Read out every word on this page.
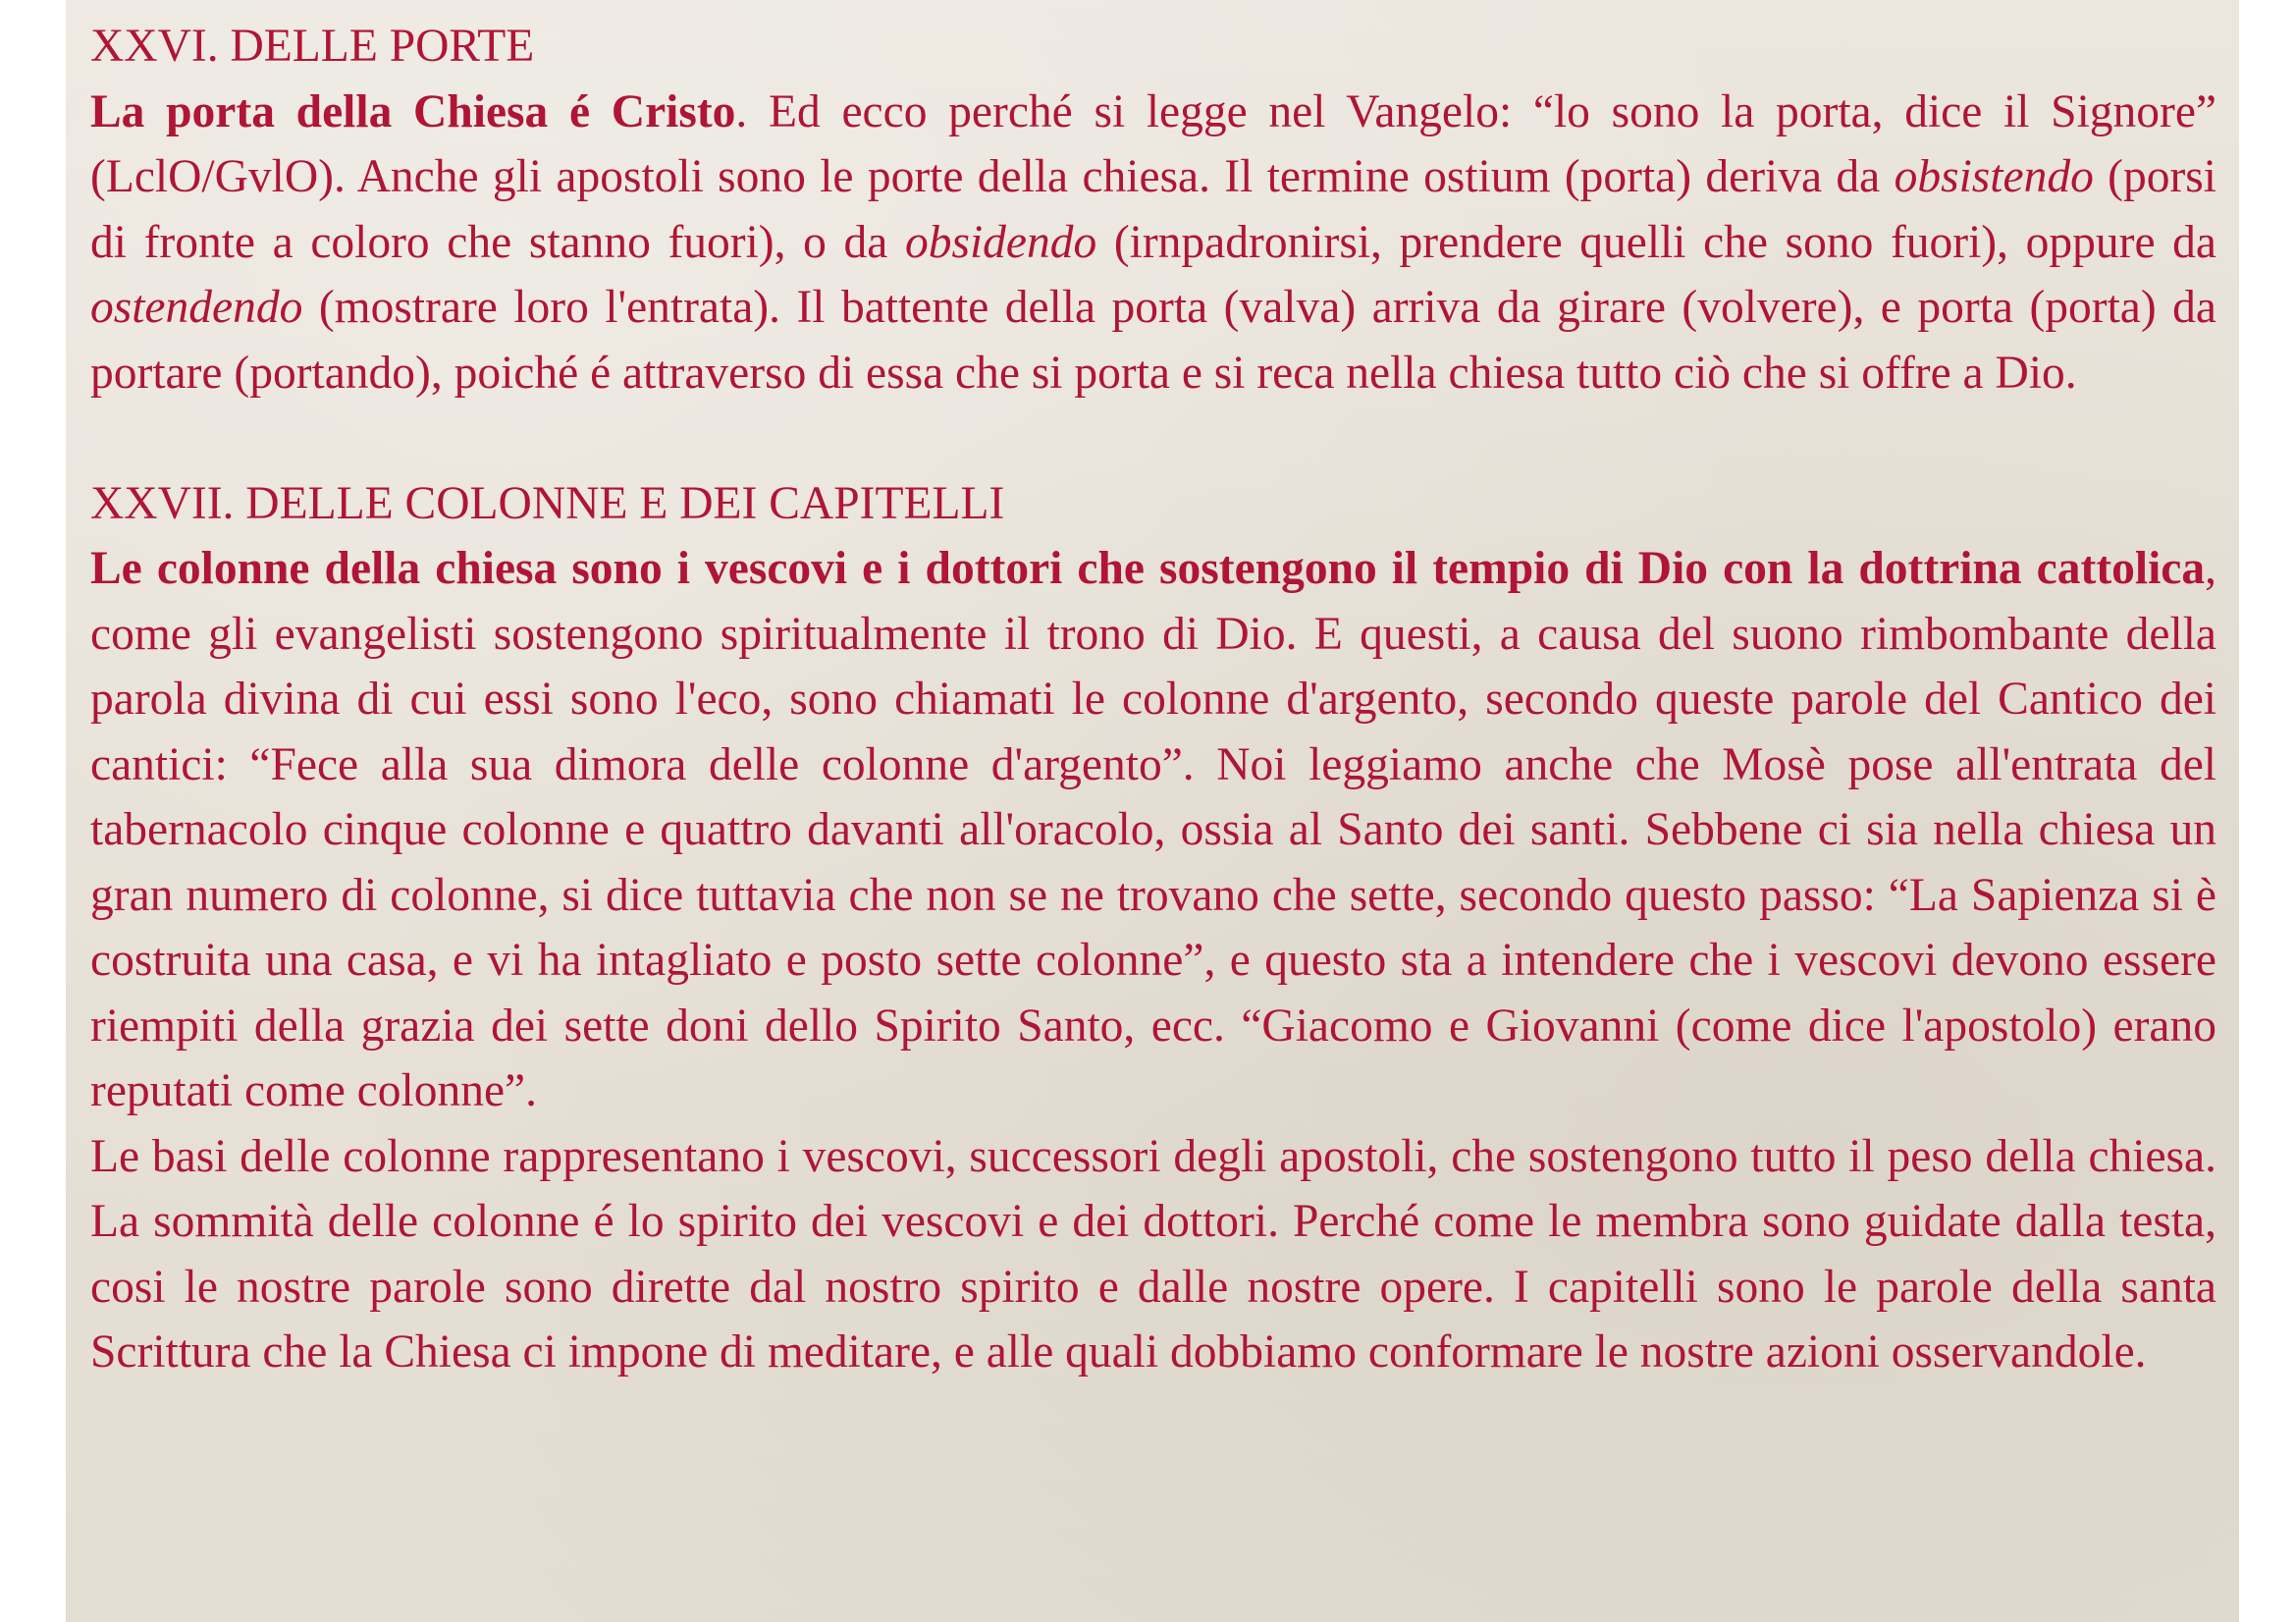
XXVI. DELLE PORTE

La porta della Chiesa é Cristo. Ed ecco perché si legge nel Vangelo: “lo sono la porta, dice il Signore” (LclO/GvlO). Anche gli apostoli sono le porte della chiesa. Il termine ostium (porta) deriva da obsistendo (porsi di fronte a coloro che stanno fuori), o da obsidendo (irnpadronirsi, prendere quelli che sono fuori), oppure da ostendendo (mostrare loro l'entrata). Il battente della porta (valva) arriva da girare (volvere), e porta (porta) da portare (portando), poiché é attraverso di essa che si porta e si reca nella chiesa tutto ciò che si offre a Dio.

XXVII. DELLE COLONNE E DEI CAPITELLI

Le colonne della chiesa sono i vescovi e i dottori che sostengono il tempio di Dio con la dottrina cattolica, come gli evangelisti sostengono spiritualmente il trono di Dio. E questi, a causa del suono rimbombante della parola divina di cui essi sono l'eco, sono chiamati le colonne d'argento, secondo queste parole del Cantico dei cantici: “Fece alla sua dimora delle colonne d'argento”. Noi leggiamo anche che Mosè pose all'entrata del tabernacolo cinque colonne e quattro davanti all'oracolo, ossia al Santo dei santi. Sebbene ci sia nella chiesa un gran numero di colonne, si dice tuttavia che non se ne trovano che sette, secondo questo passo: “La Sapienza si è costruita una casa, e vi ha intagliato e posto sette colonne”, e questo sta a intendere che i vescovi devono essere riempiti della grazia dei sette doni dello Spirito Santo, ecc. “Giacomo e Giovanni (come dice l'apostolo) erano reputati come colonne”.

Le basi delle colonne rappresentano i vescovi, successori degli apostoli, che sostengono tutto il peso della chiesa. La sommità delle colonne é lo spirito dei vescovi e dei dottori. Perché come le membra sono guidate dalla testa, cosi le nostre parole sono dirette dal nostro spirito e dalle nostre opere. I capitelli sono le parole della santa Scrittura che la Chiesa ci impone di meditare, e alle quali dobbiamo conformare le nostre azioni osservandole.
